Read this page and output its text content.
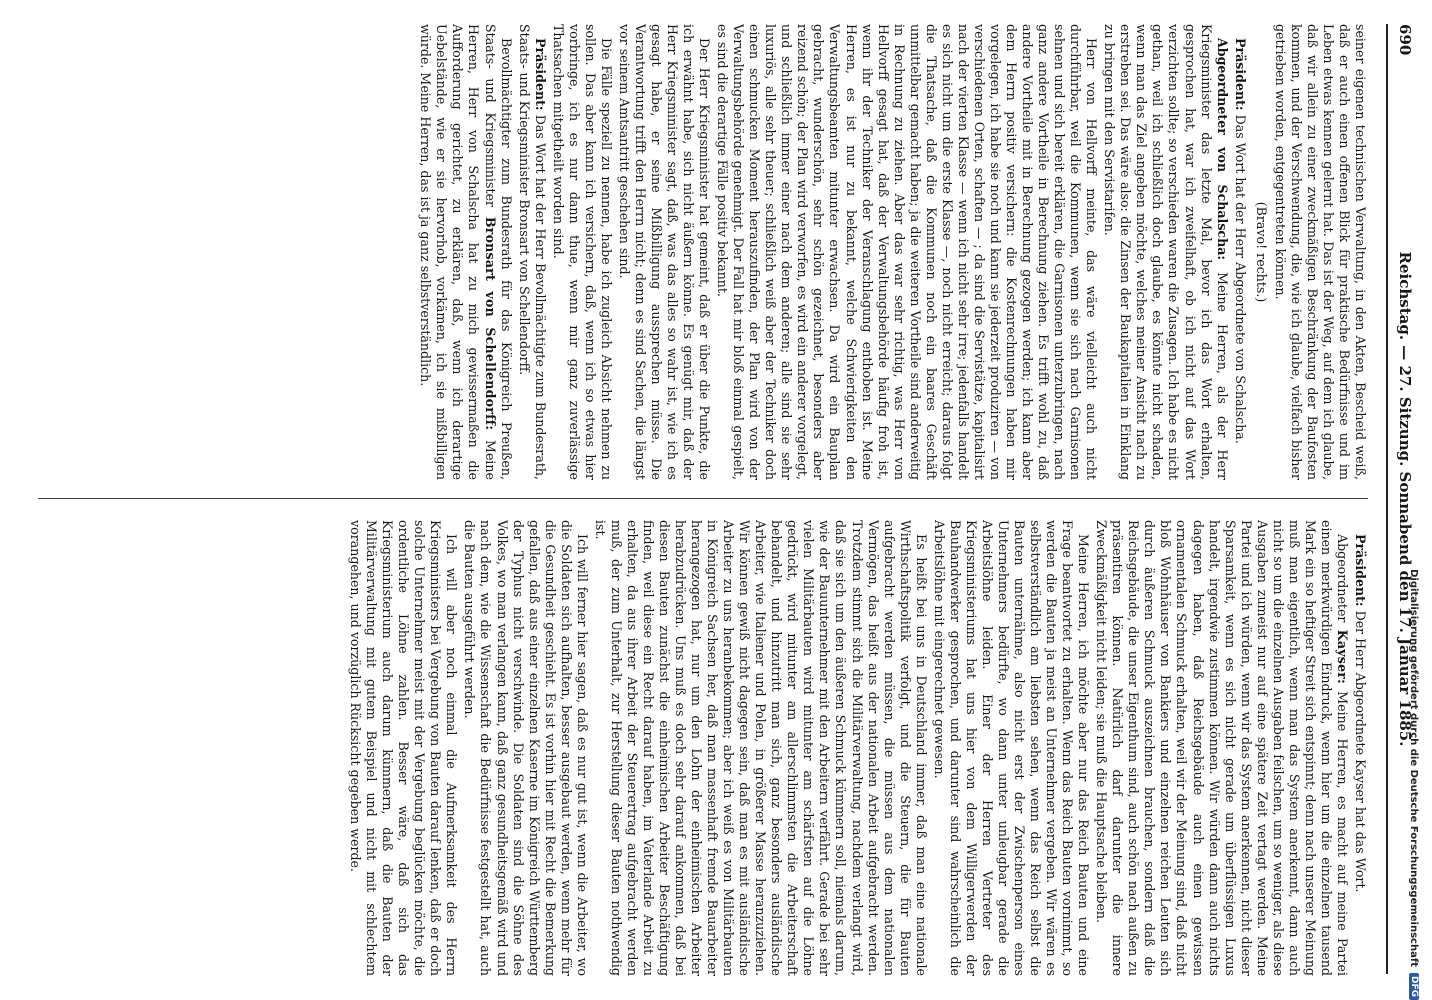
690
Reichstag. — 27. Sitzung. Sonnabend den 17. Januar 1885.

seiner eigenen technischen Verwaltung, in den Akten, Bescheid weiß, daß er auch einen offenen Blick für praktische Bedürfnisse und im Leben etwas kennen gelernt hat. Das ist der Weg, auf dem ich glaube, daß wir allein zu einer zweckmäßigen Beschränkung der Baufosten kommen, und der Verschwendung, die, wie ich glaube, vielfach bisher getrieben worden, entgegentreten können.

(Bravo! rechts.)

Präsident: Das Wort hat der Herr Abgeordnete von Schalscha.

Abgeordneter von Schalscha: Meine Herren, als der Herr Kriegsminister das letzte Mal, bevor ich das Wort erhalten, gesprochen hat, war ich zweifelhaft, ob ich nicht auf das Wort verzichten sollte; so verschieden waren die Zusagen. Ich habe es nicht gethan, weil ich schließlich doch glaube, es könnte nicht schaden, wenn man das Ziel angeben möchte, welches meiner Ansicht nach zu erstreben sei. Das wäre also: die Zinsen der Baukapitalien in Einklang zu bringen mit den Servistarifen.

Herr von Hellvorff meinte, das wäre vielleicht auch nicht durchführbar, weil die Kommunen, wenn sie sich nach Garnisonen sehnen und sich bereit erklären, die Garnisonen unterzubringen, nach ganz andere Vortheile in Berechnung ziehen. Es trifft wohl zu, daß andere Vortheile mit in Berechnung gezogen werden; ich kann aber dem Herrn positiv versichern: die Kostenrechnungen haben mir vorgelegen, ich habe sie noch und kann sie jederzeit produziren — von verschiedenen Orten, schaften — ; da sind die Servistätze, kapitalisirt nach der vierten Klasse — wenn ich nicht sehr irre; jedenfalls handelt es sich nicht um die erste Klasse —, noch nicht erreicht; daraus folgt die Thatsache, daß die Kommunen noch ein baares Geschäft unmittelbar gemacht haben; ja die weiteren Vortheile sind anderweitig in Rechnung zu ziehen. Aber das war sehr richtig, was Herr von Hellvorff gesagt hat, daß der Verwaltungsbehörde häufig froh ist, wenn ihr der Techniker der Veranschlagung enthoben ist. Meine Herren, es ist nur zu bekannt, welche Schwierigkeiten den Verwaltungsbeamten mitunter erwachsen. Da wird ein Bauplan gebracht, wunderschön, sehr schön gezeichnet, besonders aber reizend schön; der Plan wird verworfen, es wird ein anderer vorgelegt, und schließlich immer einer nach dem anderen; alle sind sie sehr luxuriös, alle sehr theuer; schließlich weiß aber der Techniker doch einen schmucken Moment herauszufinden, der Plan wird von der Verwaltungsbehörde genehmigt. Der Fall hat mir bloß einmal gespielt, es sind die derartige Fälle positiv bekannt.

Der Herr Kriegsminister hat gemeint, daß er über die Punkte, die ich erwähnt habe, sich nicht äußern könne. Es genügt mir, daß der Herr Kriegsminister sagt, daß, was das alles so wahr ist, wie ich es gesagt habe, er seine Mißbilligung aussprechen müsse. Die Verantwortung trifft den Herrn nicht; denn es sind Sachen, die längst vor seinem Amtsantritt geschehen sind.

Die Fälle speziell zu nennen, habe ich zugleich Absicht nehmen zu sollen. Das aber kann ich versichern, daß, wenn ich so etwas hier vorbringe, ich es nur dann thue, wenn mir ganz zuverlässige Thatsachen mitgetheilt worden sind.

Präsident: Das Wort hat der Herr Bevollmächtigte zum Bundesrath, Staats- und Kriegsminister Bronsart von Schellendorff.

Bevollmächtigter zum Bundesrath für das Königreich Preußen, Staats- und Kriegsminister Bronsart von Schellendorff: Meine Herren, Herr von Schalscha hat zu mich gewissermaßen die Aufforderung gerichtet, zu erklären, daß, wenn ich derartige Uebelstände, wie er sie hervorhob, vorkämen, ich sie mißbilligen würde. Meine Herren, das ist ja ganz selbstverständlich.

Präsident: Der Herr Abgeordnete Kayser hat das Wort.

Abgeordneter Kayser: Meine Herren, es macht auf meine Partei einen merkwürdigen Eindruck, wenn hier um die einzelnen tausend Mark ein so heftiger Streit sich entspinnt; denn nach unserer Meinung muß man eigentlich, wenn man das System anerkennt, dann auch nicht so um die einzelnen Ausgaben feilschen, um so weniger, als diese Ausgaben zumeist nur auf eine spätere Zeit vertagt werden. Meine Partei und ich würden, wenn wir das System anerkennen, nicht dieser Sparsamkeit, wenn es sich nicht gerade um überflüssigen Luxus handelt, irgendwie zustimmen können. Wir würden dann auch nichts dagegen haben, daß Reichsgebäude auch einen gewissen ornamentalen Schmuck erhalten, weil wir der Meinung sind, daß nicht bloß Wohnhäuser von Bankiers und einzelnen reichen Leuten sich durch äußeren Schmuck auszeichnen brauchen, sondern daß die Reichsgebäude, die unser Eigenthum sind, auch schön nach außen zu präsentiren können. Natürlich darf darunter die innere Zweckmäßigkeit nicht leiden; sie muß die Hauptsache bleiben.

Meine Herren, ich möchte aber nur das Reich Bauten und eine Frage beantwortet zu erhalten. Wenn das Reich Bauten vornimmt, so werden die Bauten ja meist an Unternehmer vergeben. Wir wären es selbstverständlich am liebsten sehen, wenn das Reich selbst die Bauten unternähme, also nicht erst der Zwischenperson eines Unternehmers bedürfte, wo dann unter unleugbar gerade die Arbeitslöhne leiden. Einer der Herren Vertreter des Kriegsministeriums hat uns hier von dem Willigerwerden der Bauhandwerker gesprochen, und darunter sind wahrscheinlich die Arbeitslöhne mit eingerechnet gewesen.

Es heißt bei uns in Deutschland immer, daß man eine nationale Wirthschaftspolitik verfolgt, und die Steuern, die für Bauten aufgebracht werden müssen, die müssen aus dem nationalen Vermögen, das heißt aus der nationalen Arbeit aufgebracht werden. Trotzdem stimmt sich die Militärverwaltung, nachdem verlangt wird, daß sie sich um den äußeren Schmuck kümmern soll, niemals darum, wie der Bauunternehmer mit den Arbeitern verfährt. Gerade bei sehr vielen Militärbauten wird mitunter am schärfsten auf die Löhne gedrückt, wird mitunter am allerschlimmsten die Arbeiterschaft behandelt, und hinzutritt man sich, ganz besonders ausländische Arbeiter, wie Italiener und Polen, in größerer Masse heranzuziehen. Wir können gewiß nicht dagegen sein, daß man es mit ausländische Arbeiter zu uns heranbekommen; aber ich weiß es von Militärbauten in Königreich Sachsen her, daß man massenhaft fremde Bauarbeiter herangezogen hat, nur um den Lohn der einheimischen Arbeiter herabzudrücken. Uns muß es doch sehr darauf ankommen, daß bei diesen Bauten zunächst die einheimischen Arbeiter Beschäftigung finden, weil diese ein Recht darauf haben, im Vaterlande Arbeit zu erhalten, da aus ihrer Arbeit der Steuerertrag aufgebracht werden muß, der zum Unterhalt, zur Herstellung dieser Bauten nothwendig ist.

Ich will ferner hier sagen, daß es nur gut ist, wenn die Arbeiter, wo die Soldaten sich aufhalten, besser ausgebaut werden, wenn mehr für die Gesundheit geschieht. Es ist vorhin hier mit Recht die Bemerkung gefallen, daß aus einer einzelnen Kaserne im Königreich Württemberg der Typhus nicht verschwinde. Die Soldaten sind die Söhne des Volkes, wo man verlangen kann, daß ganz gesundheitsgemäß wird und nach dem, wie die Wissenschaft die Bedürfnisse festgestellt hat, auch die Bauten ausgeführt werden.

Ich will aber noch einmal die Aufmerksamkeit des Herrn Kriegsministers bei Vergebung von Bauten darauf lenken, daß er doch solche Unternehmer meist mit der Vergebung beglücken möchte, die ordentliche Löhne zahlen. Besser wäre, daß sich das Kriegsministerium auch darum kümmern, daß die Bauten der Militärverwaltung mit gutem Beispiel und nicht mit schlechtem vorangehen, und vorzüglich Rücksicht gegeben werde.	Digitalisierung gefördert durch die Deutsche Forschungsgemeinschaft
DFG
